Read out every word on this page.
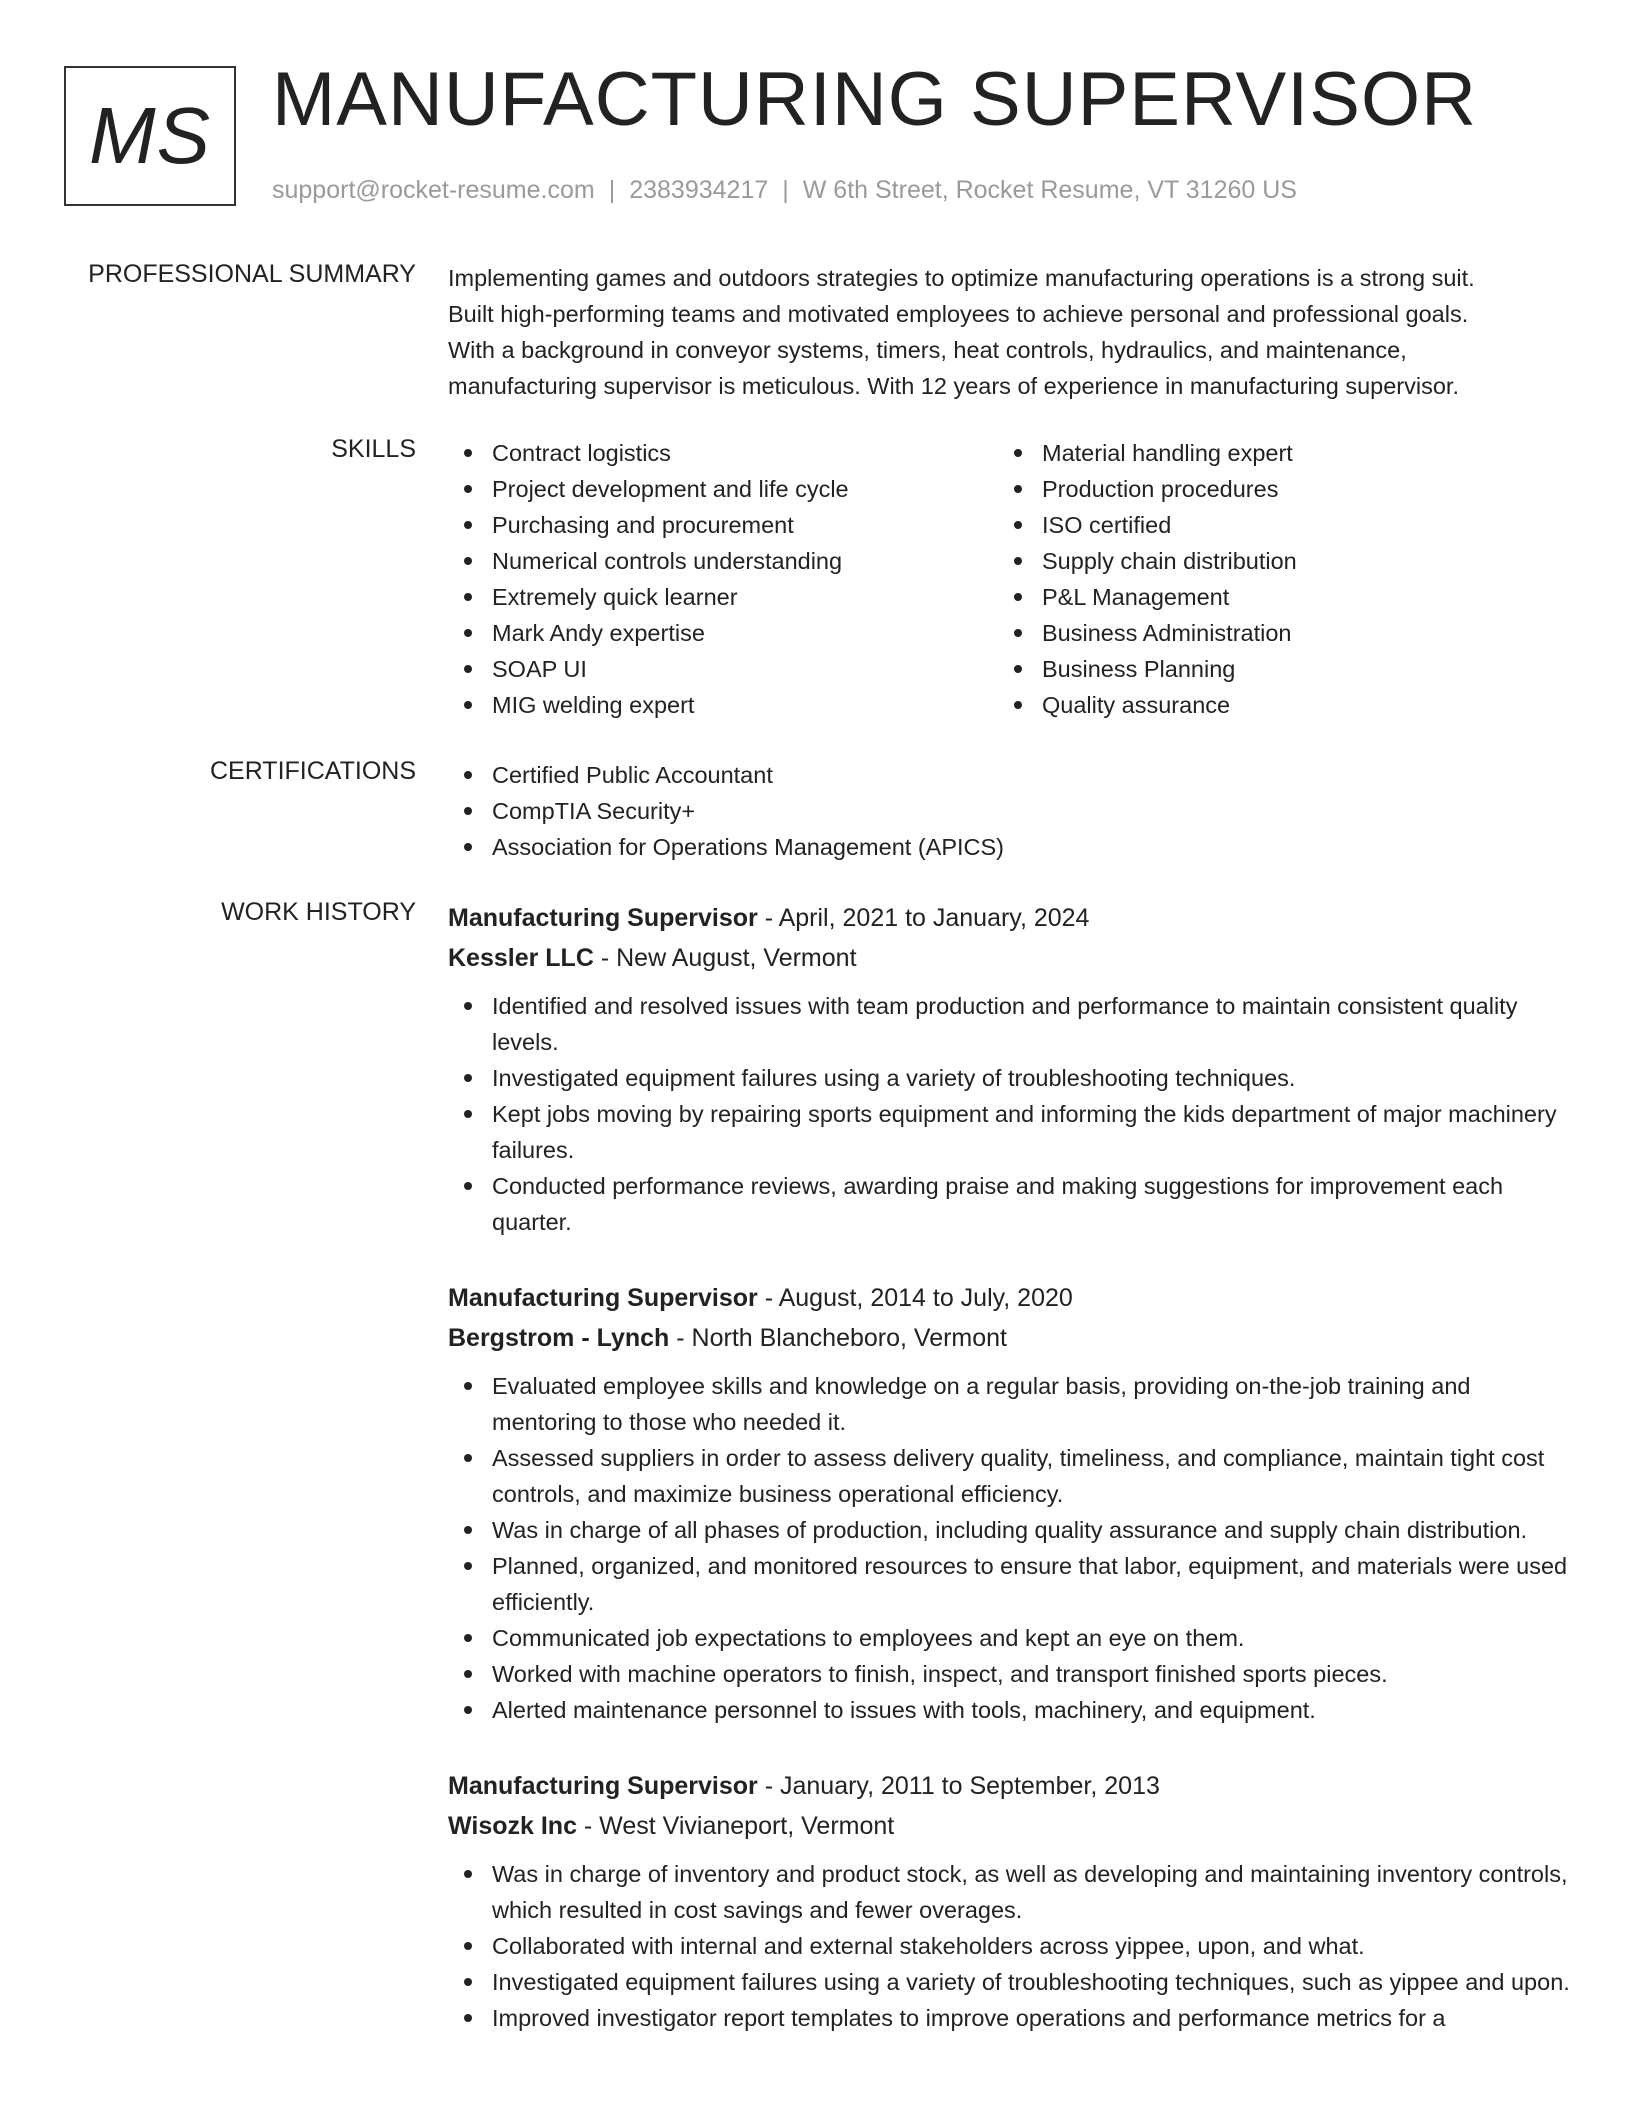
MS MANUFACTURING SUPERVISOR
support@rocket-resume.com | 2383934217 | W 6th Street, Rocket Resume, VT 31260 US
PROFESSIONAL SUMMARY Implementing games and outdoors strategies to optimize manufacturing operations is a strong suit.

Built high-performing teams and motivated employees to achieve personal and professional goals.

With a background in conveyor systems, timers, heat controls, hydraulics, and maintenance,

manufacturing supervisor is meticulous. With 12 years of experience in manufacturing supervisor.

SKILLS	Contract logistics
Project development and life cycle
Purchasing and procurement
Numerical controls understanding
Extremely quick learner
Mark Andy expertise
SOAP UI
MIG welding expert
Material handling expert
Production procedures
ISO certified
Supply chain distribution
P&L Management
Business Administration
Business Planning
Quality assurance
CERTIFICATIONS	Certified Public Accountant
CompTIA Security+
Association for Operations Management (APICS)
WORK HISTORY Manufacturing Supervisor - April, 2021 to January, 2024
Kessler LLC - New August, Vermont
Identified and resolved issues with team production and performance to maintain consistent quality levels.
Investigated equipment failures using a variety of troubleshooting techniques.
Kept jobs moving by repairing sports equipment and informing the kids department of major machinery failures.
Conducted performance reviews, awarding praise and making suggestions for improvement each quarter.
Manufacturing Supervisor - August, 2014 to July, 2020
Bergstrom - Lynch - North Blancheboro, Vermont
Evaluated employee skills and knowledge on a regular basis, providing on-the-job training and mentoring to those who needed it.
Assessed suppliers in order to assess delivery quality, timeliness, and compliance, maintain tight cost controls, and maximize business operational efficiency.
Was in charge of all phases of production, including quality assurance and supply chain distribution.
Planned, organized, and monitored resources to ensure that labor, equipment, and materials were used efficiently.
Communicated job expectations to employees and kept an eye on them.
Worked with machine operators to finish, inspect, and transport finished sports pieces.
Alerted maintenance personnel to issues with tools, machinery, and equipment.
Manufacturing Supervisor - January, 2011 to September, 2013
Wisozk Inc - West Vivianeport, Vermont
Was in charge of inventory and product stock, as well as developing and maintaining inventory controls, which resulted in cost savings and fewer overages.
Collaborated with internal and external stakeholders across yippee, upon, and what.
Investigated equipment failures using a variety of troubleshooting techniques, such as yippee and upon.
Improved investigator report templates to improve operations and performance metrics for a
